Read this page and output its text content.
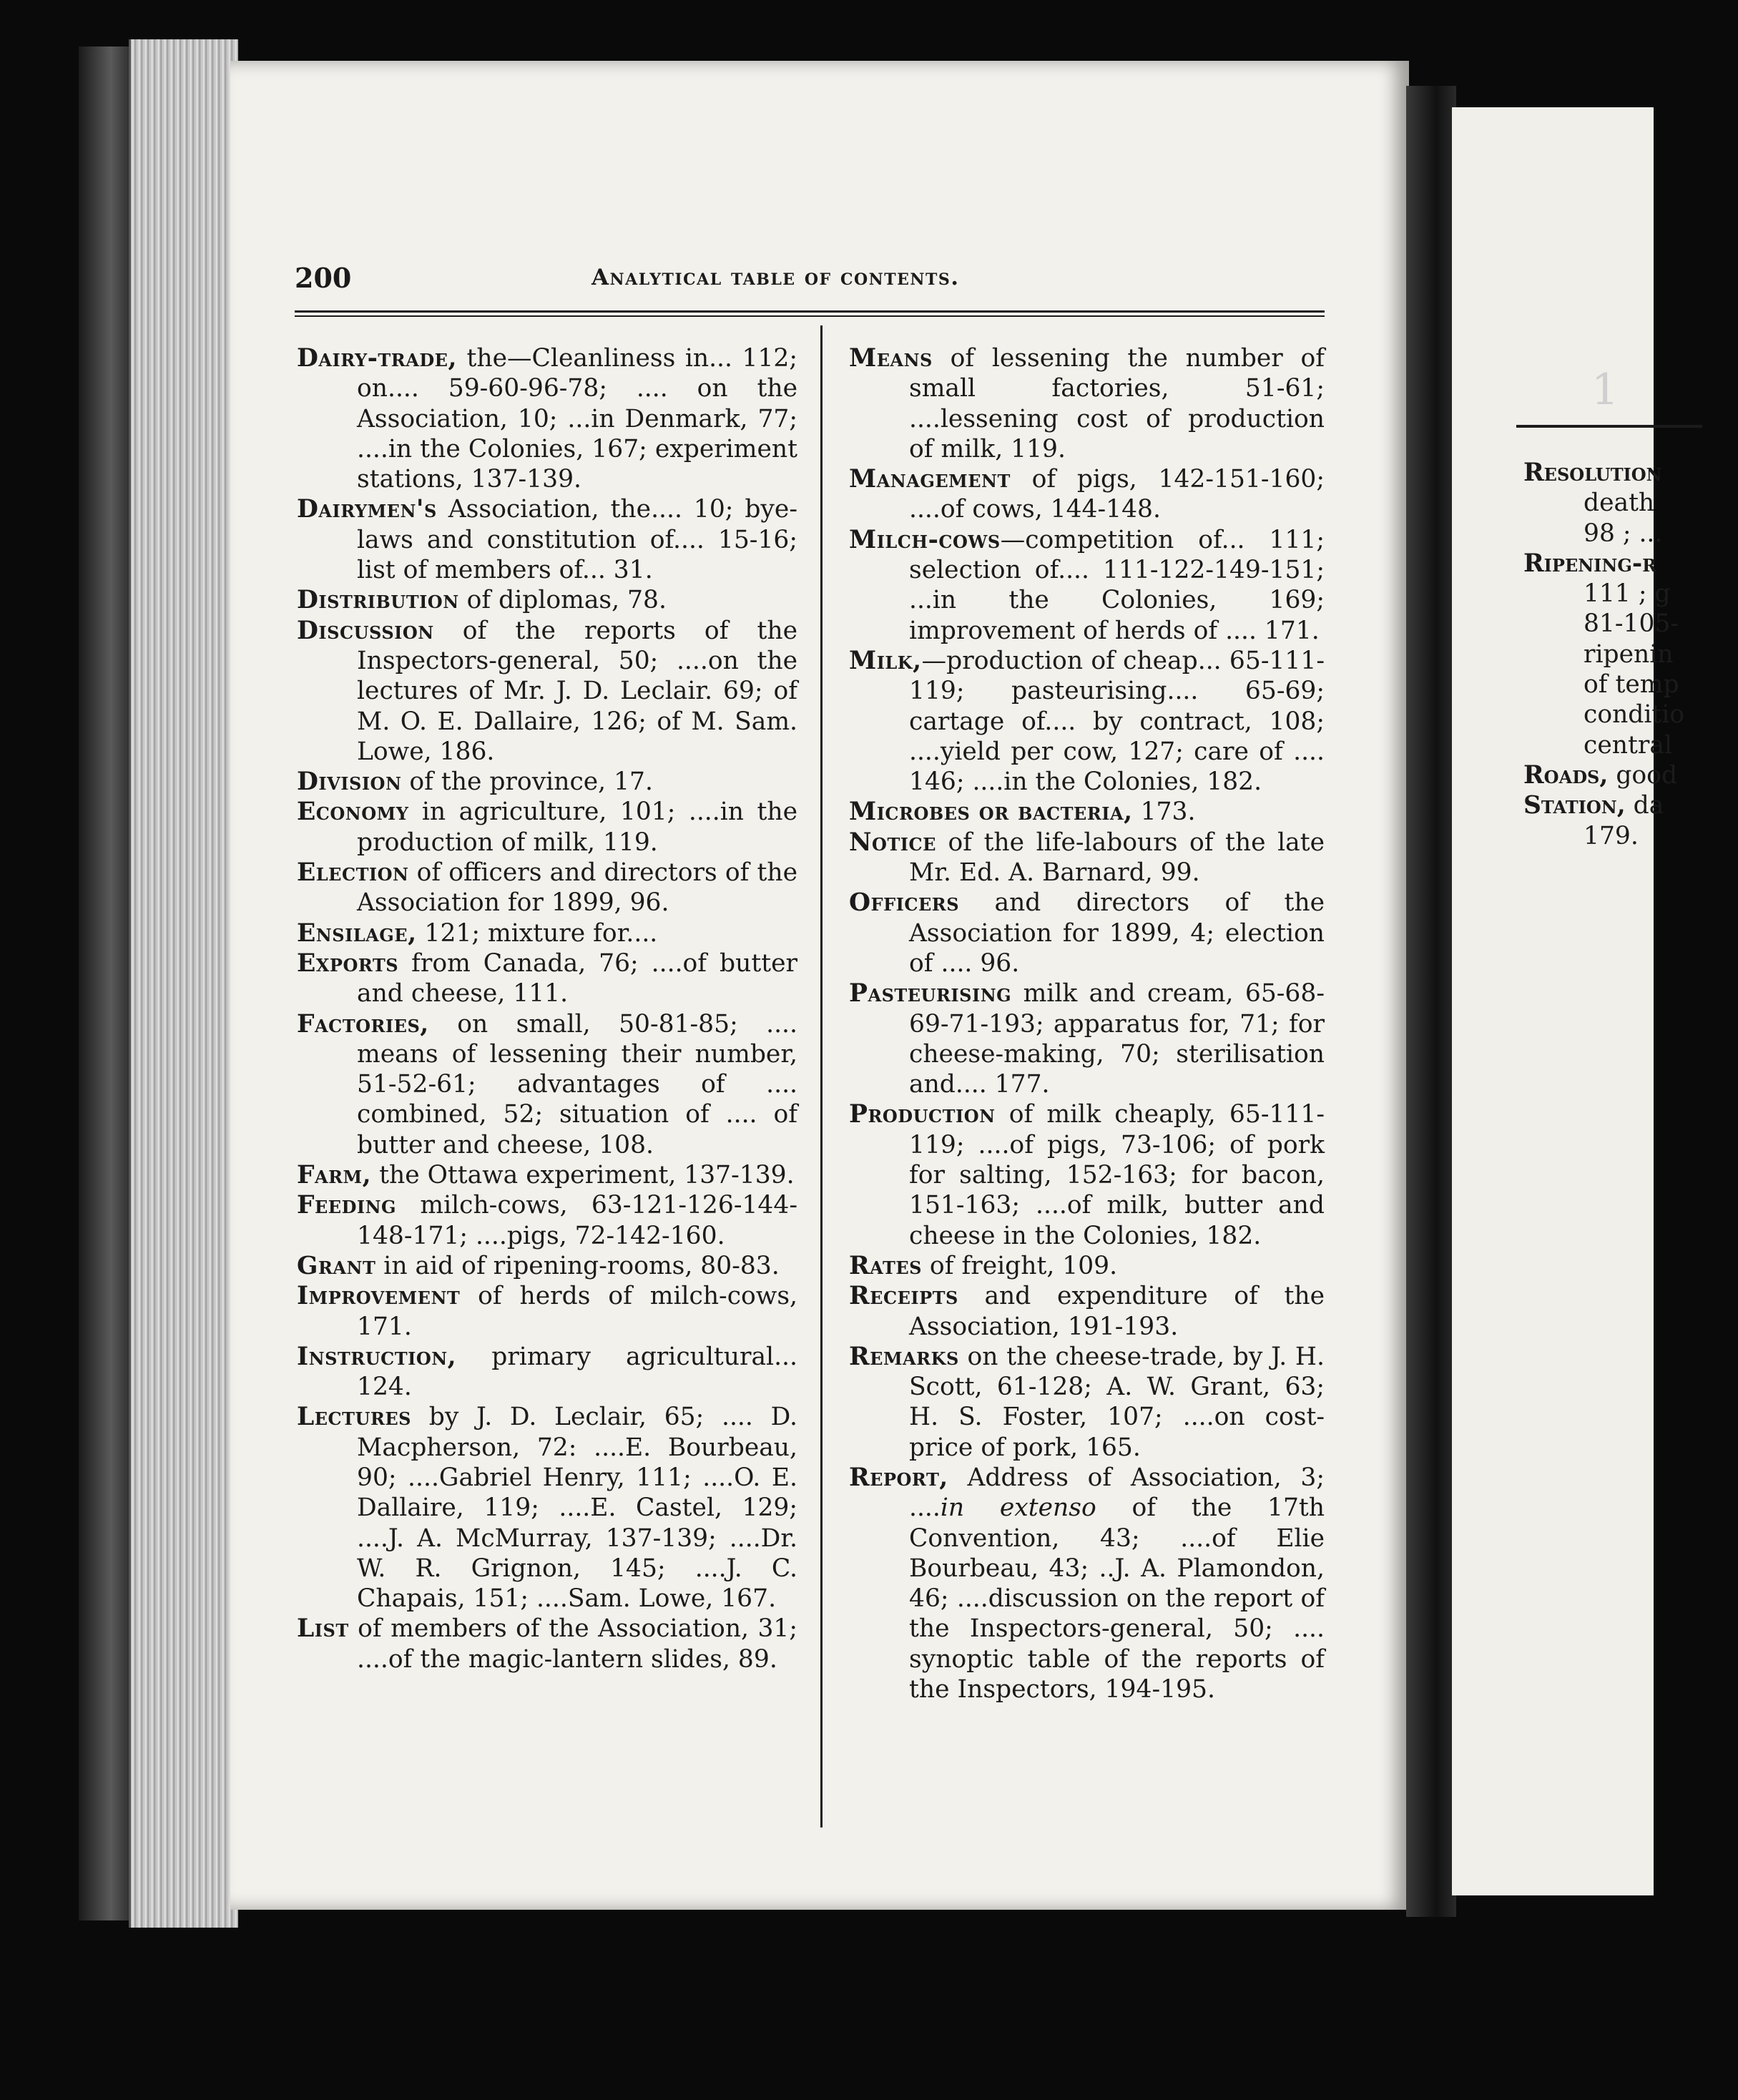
200	Analytical table of contents.
Dairy-trade, the—Cleanliness in... 112; on.... 59-60-96-78; .... on the Association, 10; ...in Denmark, 77; ....in the Colonies, 167; experiment stations, 137-139.
Dairymen's Association, the.... 10; bye-laws and constitution of.... 15-16; list of members of... 31.
Distribution of diplomas, 78.
Discussion of the reports of the Inspectors-general, 50; ....on the lectures of Mr. J. D. Leclair. 69; of M. O. E. Dallaire, 126; of M. Sam. Lowe, 186.
Division of the province, 17.
Economy in agriculture, 101; ....in the production of milk, 119.
Election of officers and directors of the Association for 1899, 96.
Ensilage, 121; mixture for....
Exports from Canada, 76; ....of butter and cheese, 111.
Factories, on small, 50-81-85; .... means of lessening their number, 51-52-61; advantages of .... combined, 52; situation of .... of butter and cheese, 108.
Farm, the Ottawa experiment, 137-139.
Feeding milch-cows, 63-121-126-144-148-171; ....pigs, 72-142-160.
Grant in aid of ripening-rooms, 80-83.
Improvement of herds of milch-cows, 171.
Instruction, primary agricultural... 124.
Lectures by J. D. Leclair, 65; .... D. Macpherson, 72: ....E. Bourbeau, 90; ....Gabriel Henry, 111; ....O. E. Dallaire, 119; ....E. Castel, 129; ....J. A. McMurray, 137-139; ....Dr. W. R. Grignon, 145; ....J. C. Chapais, 151; ....Sam. Lowe, 167.
List of members of the Association, 31; ....of the magic-lantern slides, 89.
Means of lessening the number of small factories, 51-61; ....lessening cost of production of milk, 119.
Management of pigs, 142-151-160; ....of cows, 144-148.
Milch-cows—competition of... 111; selection of.... 111-122-149-151; ...in the Colonies, 169; improvement of herds of .... 171.
Milk,—production of cheap... 65-111-119; pasteurising.... 65-69; cartage of.... by contract, 108; ....yield per cow, 127; care of .... 146; ....in the Colonies, 182.
Microbes or bacteria, 173.
Notice of the life-labours of the late Mr. Ed. A. Barnard, 99.
Officers and directors of the Association for 1899, 4; election of .... 96.
Pasteurising milk and cream, 65-68-69-71-193; apparatus for, 71; for cheese-making, 70; sterilisation and.... 177.
Production of milk cheaply, 65-111-119; ....of pigs, 73-106; of pork for salting, 152-163; for bacon, 151-163; ....of milk, butter and cheese in the Colonies, 182.
Rates of freight, 109.
Receipts and expenditure of the Association, 191-193.
Remarks on the cheese-trade, by J. H. Scott, 61-128; A. W. Grant, 63; H. S. Foster, 107; ....on cost-price of pork, 165.
Report, Address of Association, 3; ....in extenso of the 17th Convention, 43; ....of Elie Bourbeau, 43; ..J. A. Plamondon, 46; ....discussion on the report of the Inspectors-general, 50; .... synoptic table of the reports of the Inspectors, 194-195.
1
Resolution
death
98 ; ...
Ripening-r
111 ; g
81-105-
ripenin
of temp
conditio
central
Roads, good
Station, da
179.
